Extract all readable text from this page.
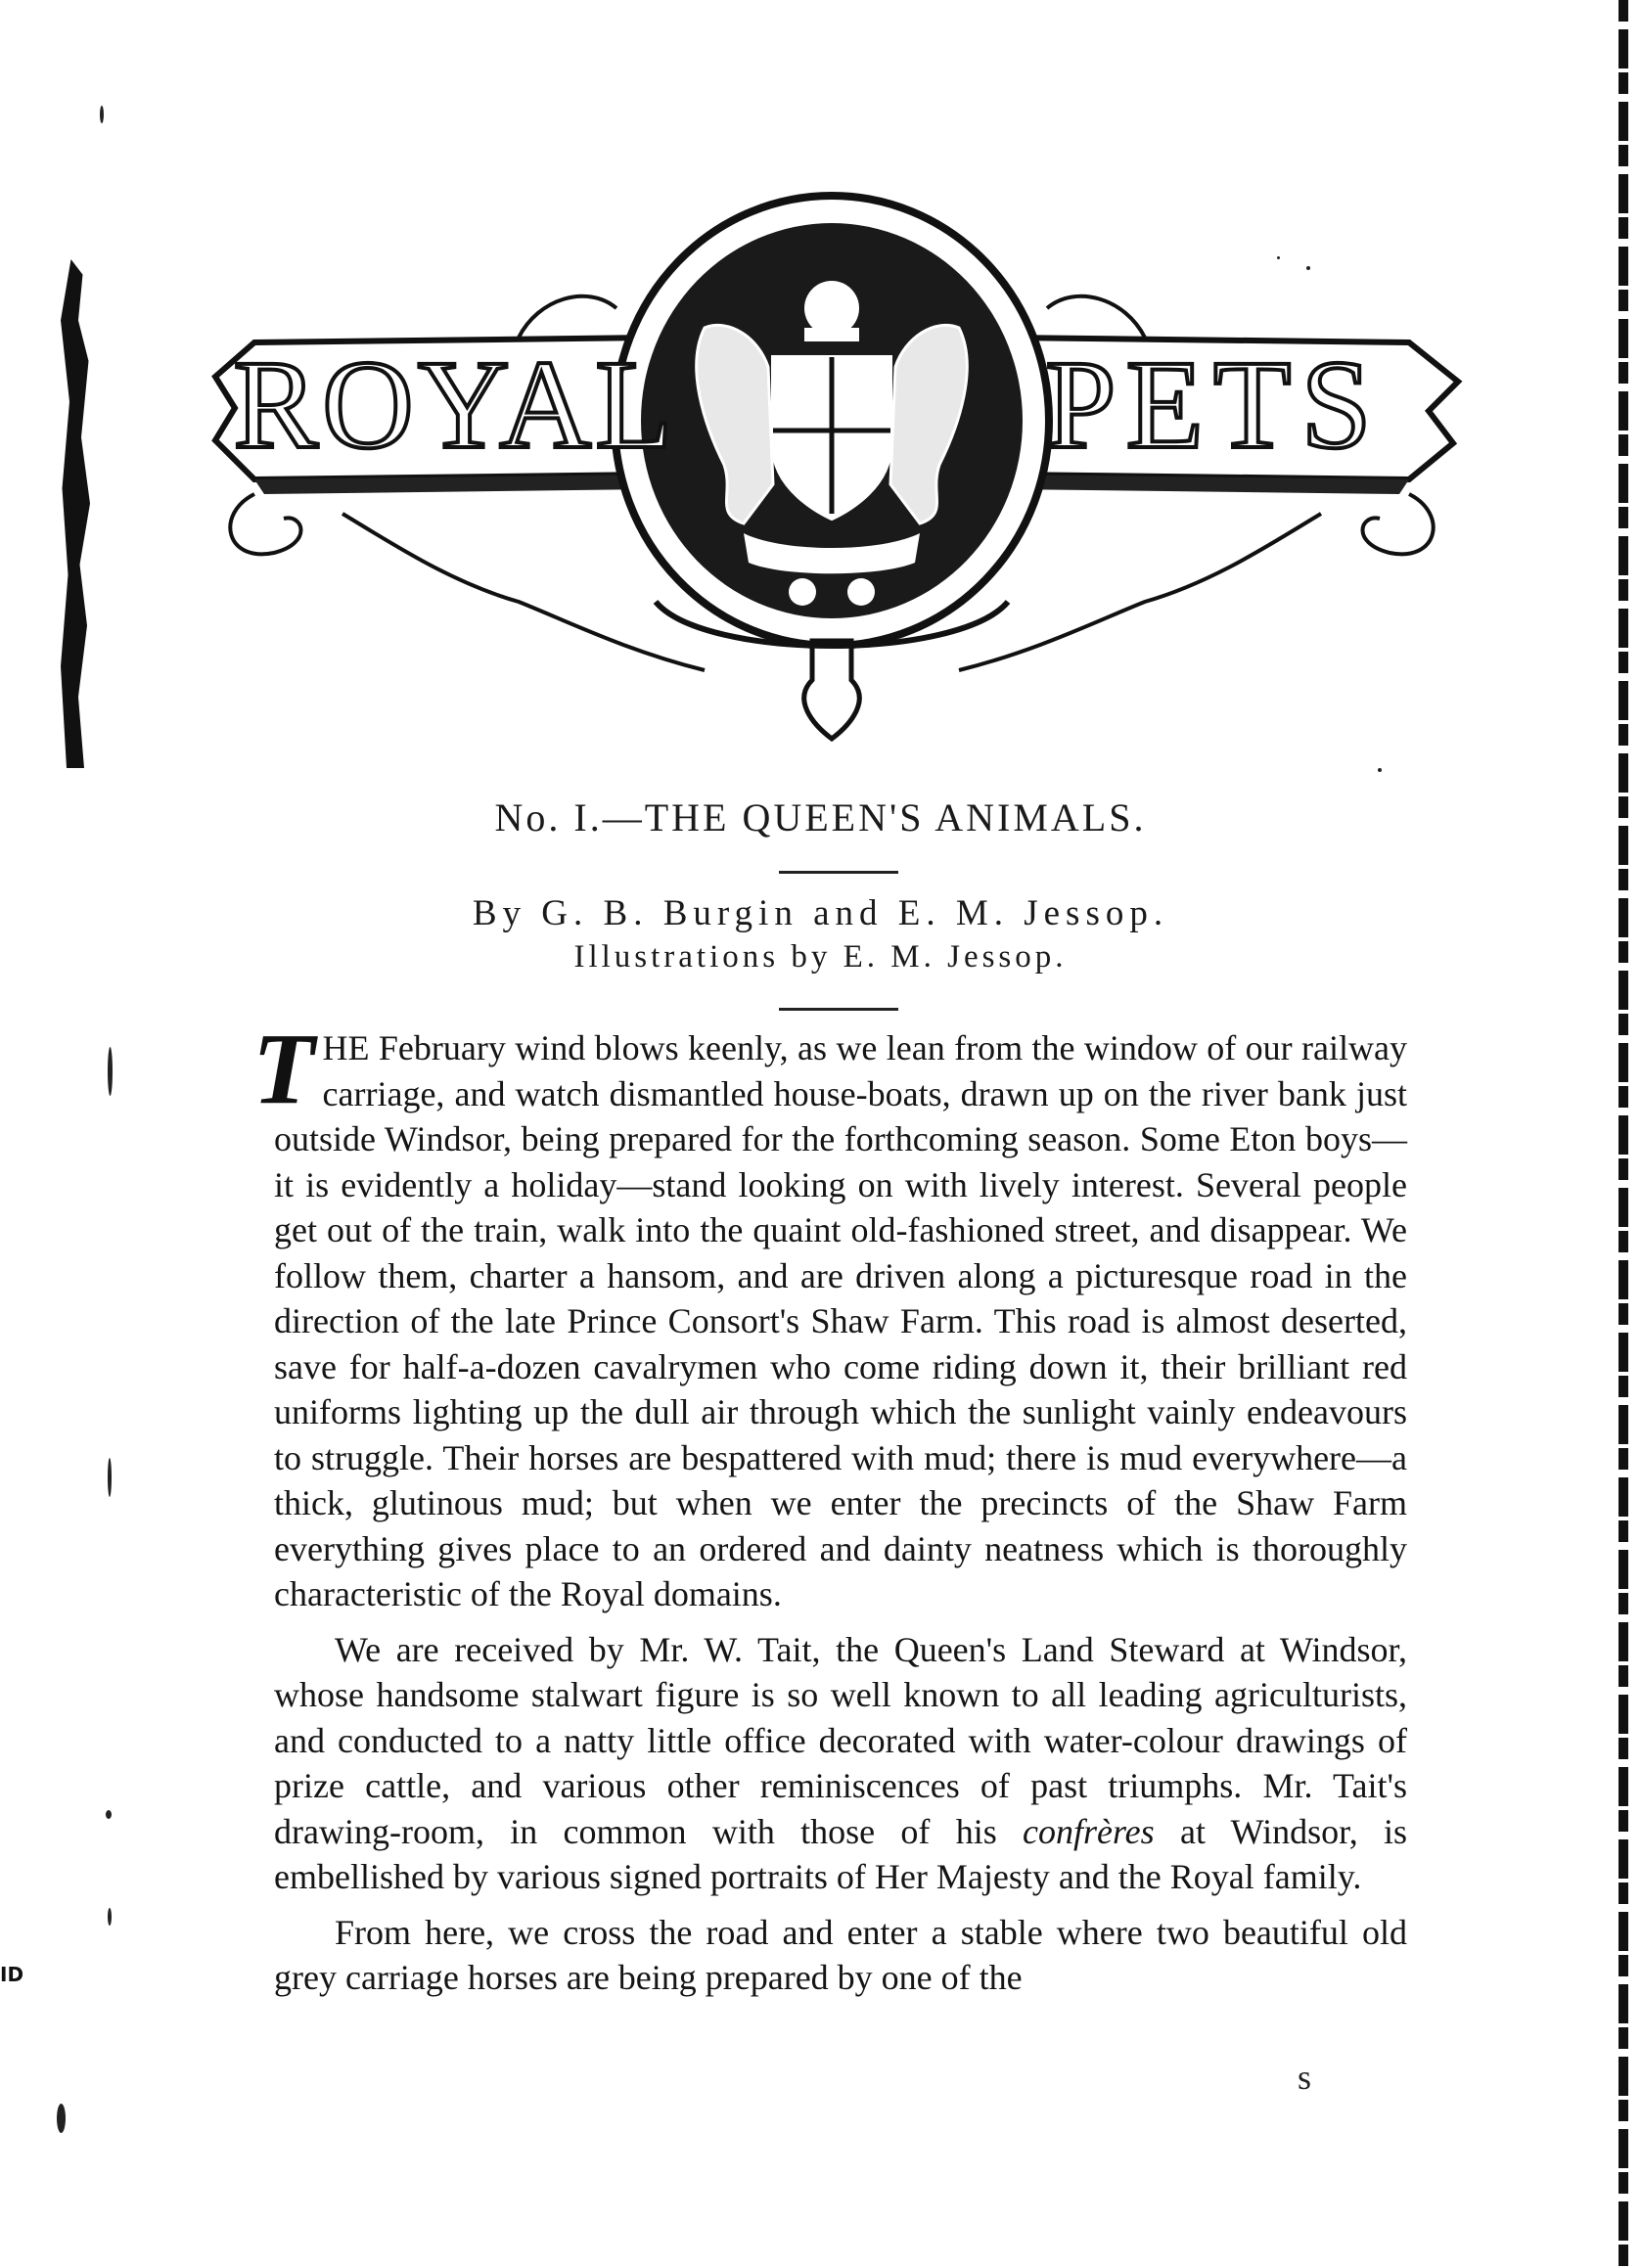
ID
ROYAL	PETS
No. I.—THE QUEEN'S ANIMALS.

By G. B. Burgin and E. M. Jessop.

Illustrations by E. M. Jessop.

THE February wind blows keenly, as we lean from the window of our railway carriage, and watch dismantled house-boats, drawn up on the river bank just outside Windsor, being prepared for the forthcoming season. Some Eton boys—it is evidently a holiday—stand looking on with lively interest. Several people get out of the train, walk into the quaint old-fashioned street, and disappear. We follow them, charter a hansom, and are driven along a picturesque road in the direction of the late Prince Consort's Shaw Farm. This road is almost deserted, save for half-a-dozen cavalrymen who come riding down it, their brilliant red uniforms lighting up the dull air through which the sunlight vainly endeavours to struggle. Their horses are bespattered with mud; there is mud everywhere—a thick, glutinous mud; but when we enter the precincts of the Shaw Farm everything gives place to an ordered and dainty neatness which is thoroughly characteristic of the Royal domains.

We are received by Mr. W. Tait, the Queen's Land Steward at Windsor, whose handsome stalwart figure is so well known to all leading agriculturists, and conducted to a natty little office decorated with water-colour drawings of prize cattle, and various other reminiscences of past triumphs. Mr. Tait's drawing-room, in common with those of his confrères at Windsor, is embellished by various signed portraits of Her Majesty and the Royal family.

From here, we cross the road and enter a stable where two beautiful old grey carriage horses are being prepared by one of the

s
